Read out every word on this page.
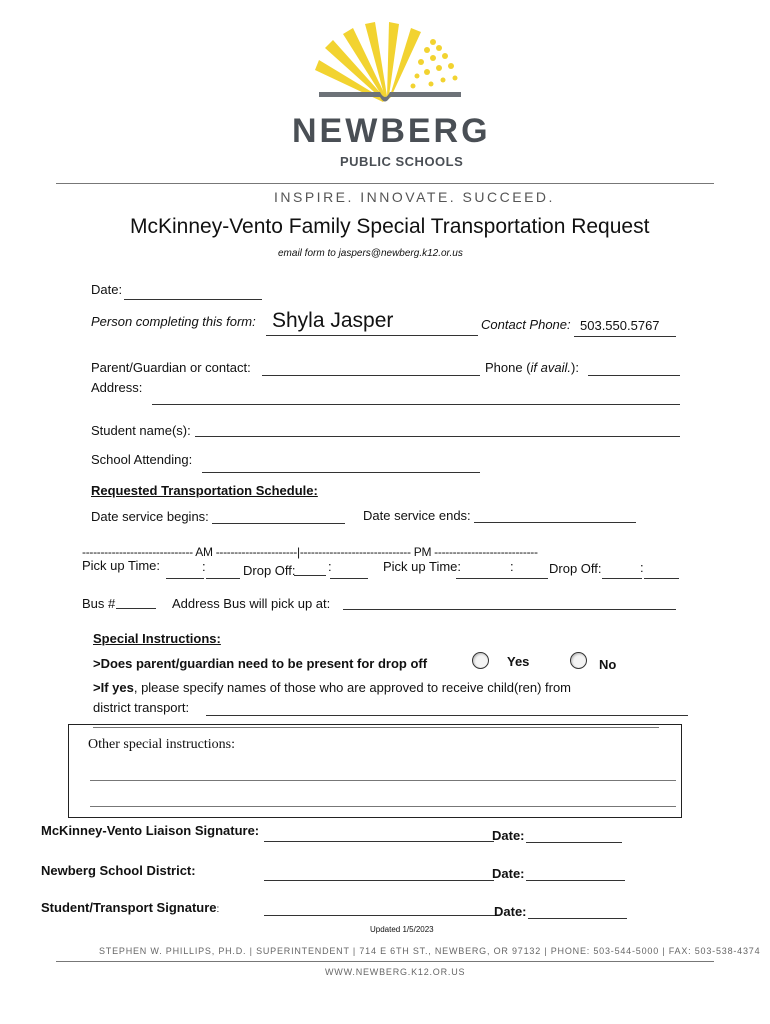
NEWBERG
PUBLIC SCHOOLS
INSPIRE. INNOVATE. SUCCEED.
McKinney-Vento Family Special Transportation Request
email form to jaspers@newberg.k12.or.us
Date:
Person completing this form: Shyla Jasper	Contact Phone: 503.550.5767
Parent/Guardian or contact:	Phone (if avail.):
Address:
Student name(s):
School Attending:
Requested Transportation Schedule:
Date service begins:	Date service ends:
------------------------------ AM ----------------------|------------------------------ PM ----------------------------
Pick up Time:	:	Drop Off: :	Pick up Time:	:	Drop Off:	:
Bus #	Address Bus will pick up at:
Special Instructions:
>Does parent/guardian need to be present for drop off	Yes	No
>If yes, please specify names of those who are approved to receive child(ren) from
district transport:
Other special instructions:
McKinney-Vento Liaison Signature:	Date:
Newberg School District:	Date:
Student/Transport Signature:	Date:
Updated 1/5/2023
STEPHEN W. PHILLIPS, PH.D. | SUPERINTENDENT | 714 E 6TH ST., NEWBERG, OR 97132 | PHONE: 503-544-5000 | FAX: 503-538-4374
WWW.NEWBERG.K12.OR.US
